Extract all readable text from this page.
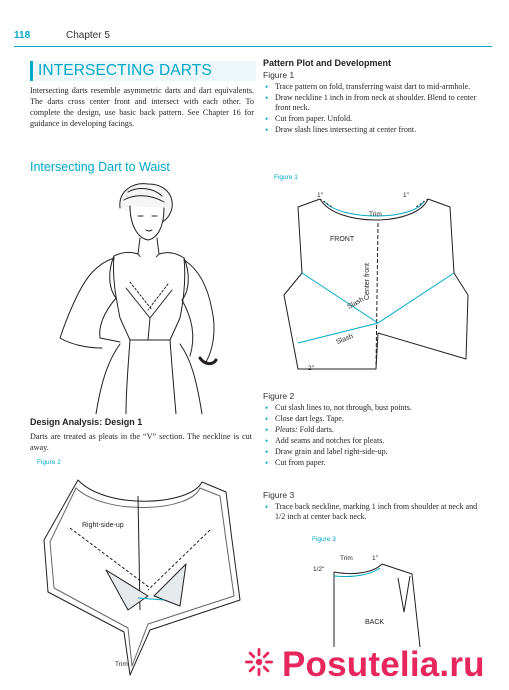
118	Chapter 5
INTERSECTING DARTS

Intersecting darts resemble asymmetric darts and dart equivalents. The darts cross center front and intersect with each other. To complete the design, use basic back pattern. See Chapter 16 for guidance in developing facings.

Intersecting Dart to Waist
Design Analysis: Design 1

Darts are treated as pleats in the “V” section. The neckline is cut away.

Figure 2
Right-side-up
Trim
Pattern Plot and Development
Figure 1
• Trace pattern on fold, transferring waist dart to mid-armhole.
• Draw neckline 1 inch in from neck at shoulder. Blend to center front neck.
• Cut from paper. Unfold.
• Draw slash lines intersecting at center front.
Figure 1
1″	1″
Trim
FRONT
Center front
Slash
Slash
2″
Figure 2
• Cut slash lines to, not through, bust points.
• Close dart legs. Tape.
• Pleats: Fold darts.
• Add seams and notches for pleats.
• Draw grain and label right-side-up.
• Cut from paper.
Figure 3
• Trace back neckline, marking 1 inch from shoulder at neck and 1/2 inch at center back neck.
Figure 3
Trim	1″
1/2″
BACK
Posutelia.ru
